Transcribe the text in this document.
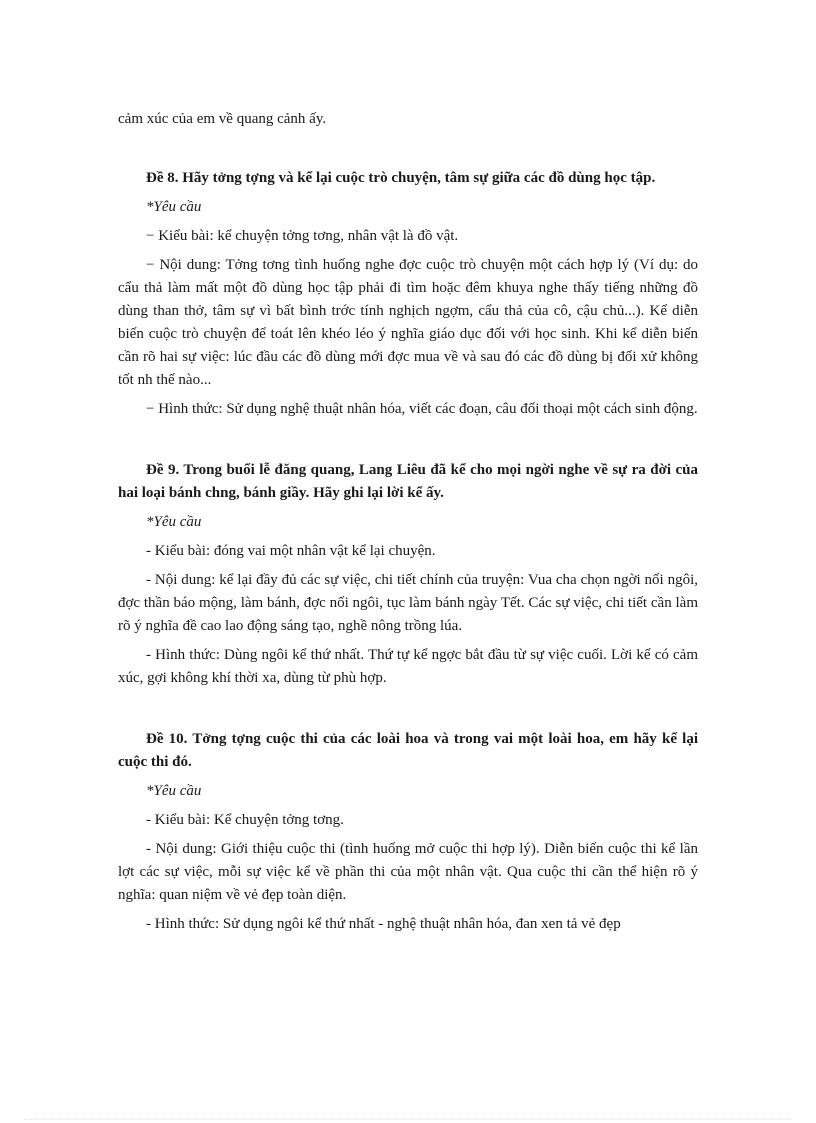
cảm xúc của em về quang cảnh ấy.

Đề 8. Hãy tởng tợng và kể lại cuộc trò chuyện, tâm sự giữa các đồ dùng học tập.

*Yêu cầu

− Kiểu bài: kể chuyện tởng tơng, nhân vật là đồ vật.

− Nội dung: Tởng tơng tình huống nghe đợc cuộc trò chuyện một cách hợp lý (Ví dụ: do cẩu thả làm mất một đồ dùng học tập phải đi tìm hoặc đêm khuya nghe thấy tiếng những đồ dùng than thở, tâm sự vì bất bình trớc tính nghịch ngợm, cẩu thả của cô, cậu chủ...). Kể diễn biến cuộc trò chuyện để toát lên khéo léo ý nghĩa giáo dục đối với học sinh. Khi kể diễn biến cần rõ hai sự việc: lúc đầu các đồ dùng mới đợc mua về và sau đó các đồ dùng bị đối xử không tốt nh thế nào...

− Hình thức: Sử dụng nghệ thuật nhân hóa, viết các đoạn, câu đối thoại một cách sinh động.

Đề 9. Trong buổi lễ đăng quang, Lang Liêu đã kể cho mọi ngời nghe về sự ra đời của hai loại bánh chng, bánh giầy. Hãy ghi lại lời kể ấy.

*Yêu cầu

- Kiểu bài: đóng vai một nhân vật kể lại chuyện.

- Nội dung: kể lại đầy đủ các sự việc, chi tiết chính của truyện: Vua cha chọn ngời nối ngôi, đợc thần báo mộng, làm bánh, đợc nối ngôi, tục làm bánh ngày Tết. Các sự việc, chi tiết cần làm rõ ý nghĩa đề cao lao động sáng tạo, nghề nông trồng lúa.

- Hình thức: Dùng ngôi kể thứ nhất. Thứ tự kể ngợc bắt đầu từ sự việc cuối. Lời kể có cảm xúc, gợi không khí thời xa, dùng từ phù hợp.

Đề 10. Tởng tợng cuộc thi của các loài hoa và trong vai một loài hoa, em hãy kể lại cuộc thi đó.

*Yêu cầu

- Kiểu bài: Kể chuyện tởng tơng.

- Nội dung: Giới thiệu cuộc thi (tình huống mở cuộc thi hợp lý). Diễn biến cuộc thi kể lần lợt các sự việc, mỗi sự việc kể về phần thi của một nhân vật. Qua cuộc thi cần thể hiện rõ ý nghĩa: quan niệm về vẻ đẹp toàn diện.

- Hình thức: Sử dụng ngôi kể thứ nhất - nghệ thuật nhân hóa, đan xen tả vẻ đẹp
